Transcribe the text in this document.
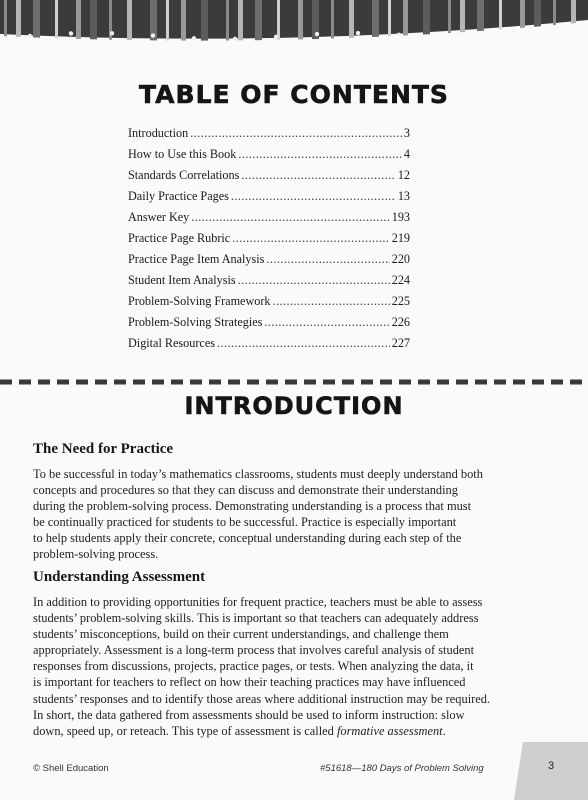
TABLE OF CONTENTS
Introduction . . .	3
How to Use this Book . . .	4
Standards Correlations . . .	12
Daily Practice Pages . . .	13
Answer Key . . .	193
Practice Page Rubric . . .	219
Practice Page Item Analysis . . .	220
Student Item Analysis . . .	224
Problem-Solving Framework . . .	225
Problem-Solving Strategies . . .	226
Digital Resources . . .	227
INTRODUCTION
The Need for Practice
To be successful in today’s mathematics classrooms, students must deeply understand both
concepts and procedures so that they can discuss and demonstrate their understanding
during the problem-solving process. Demonstrating understanding is a process that must
be continually practiced for students to be successful. Practice is especially important
to help students apply their concrete, conceptual understanding during each step of the
problem-solving process.
Understanding Assessment
In addition to providing opportunities for frequent practice, teachers must be able to assess
students’ problem-solving skills. This is important so that teachers can adequately address
students’ misconceptions, build on their current understandings, and challenge them
appropriately. Assessment is a long-term process that involves careful analysis of student
responses from discussions, projects, practice pages, or tests. When analyzing the data, it
is important for teachers to reflect on how their teaching practices may have influenced
students’ responses and to identify those areas where additional instruction may be required.
In short, the data gathered from assessments should be used to inform instruction: slow
down, speed up, or reteach. This type of assessment is called formative assessment.
© Shell Education	#51618—180 Days of Problem Solving	3
